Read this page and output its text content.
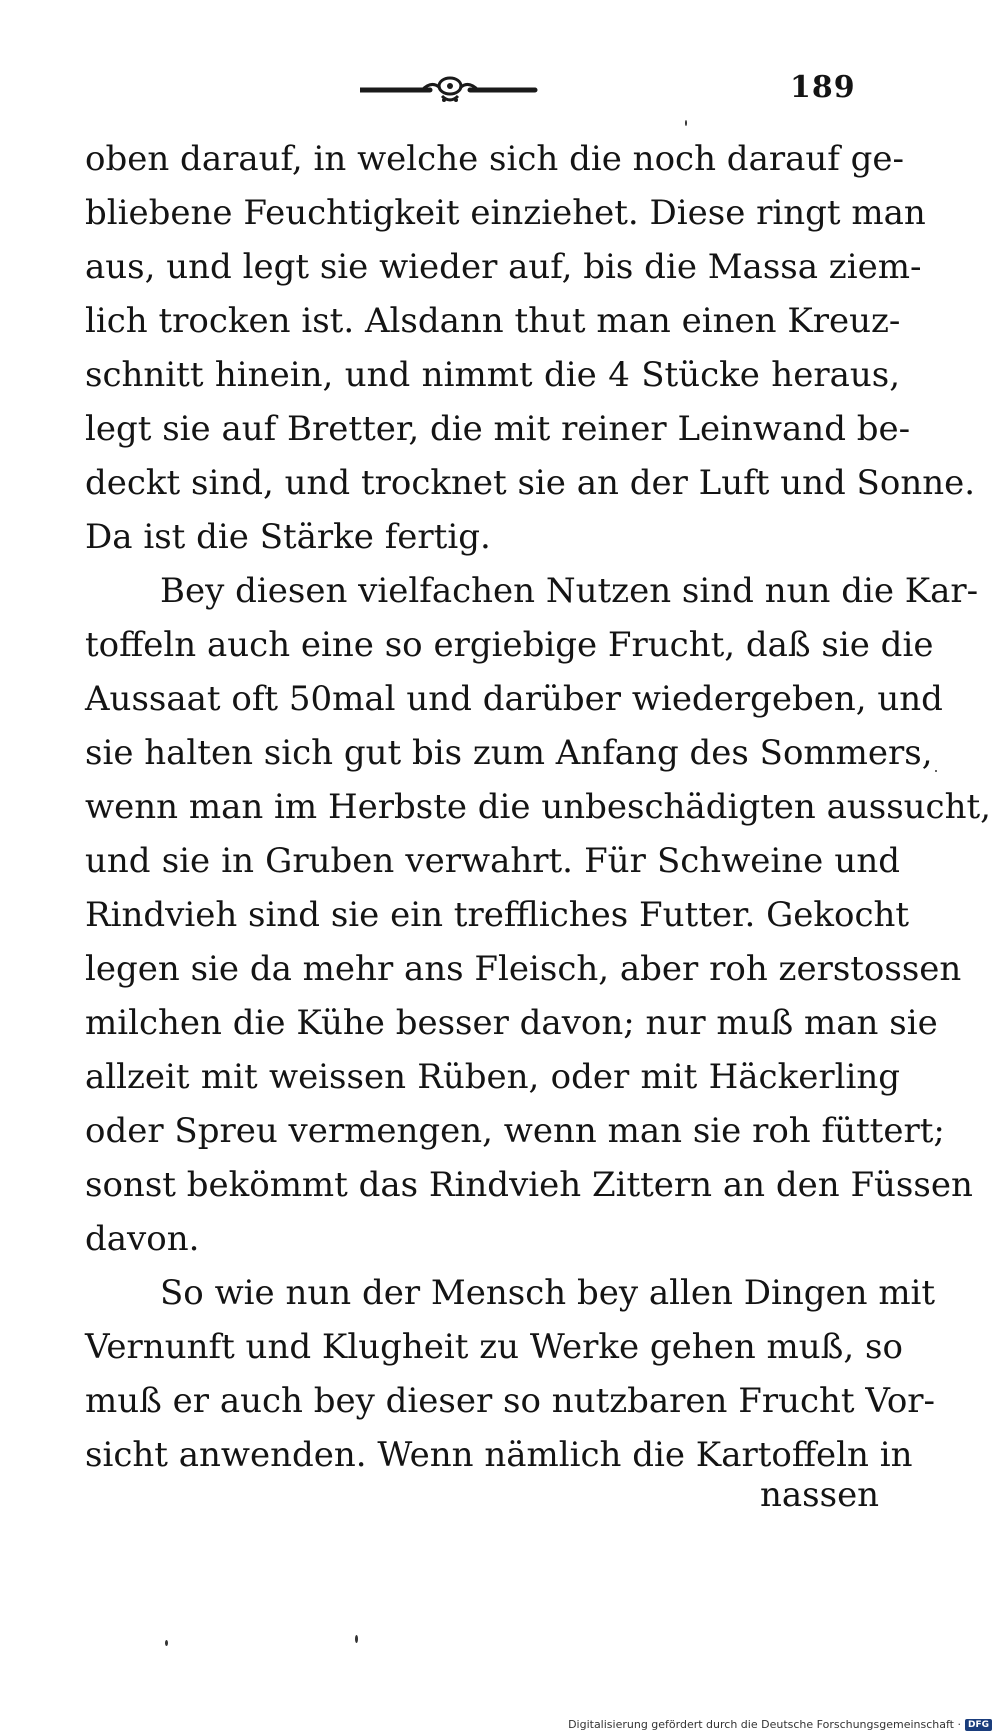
189
oben darauf, in welche sich die noch darauf ge-
bliebene Feuchtigkeit einziehet. Diese ringt man
aus, und legt sie wieder auf, bis die Massa ziem-
lich trocken ist. Alsdann thut man einen Kreuz-
schnitt hinein, und nimmt die 4 Stücke heraus,
legt sie auf Bretter, die mit reiner Leinwand be-
deckt sind, und trocknet sie an der Luft und Sonne.
Da ist die Stärke fertig.
Bey diesen vielfachen Nutzen sind nun die Kar-
toffeln auch eine so ergiebige Frucht, daß sie die
Aussaat oft 50mal und darüber wiedergeben, und
sie halten sich gut bis zum Anfang des Sommers,
wenn man im Herbste die unbeschädigten aussucht,
und sie in Gruben verwahrt. Für Schweine und
Rindvieh sind sie ein treffliches Futter. Gekocht
legen sie da mehr ans Fleisch, aber roh zerstossen
milchen die Kühe besser davon; nur muß man sie
allzeit mit weissen Rüben, oder mit Häckerling
oder Spreu vermengen, wenn man sie roh füttert;
sonst bekömmt das Rindvieh Zittern an den Füssen
davon.
So wie nun der Mensch bey allen Dingen mit
Vernunft und Klugheit zu Werke gehen muß, so
muß er auch bey dieser so nutzbaren Frucht Vor-
sicht anwenden. Wenn nämlich die Kartoffeln in
nassen
Digitalisierung gefördert durch die Deutsche Forschungsgemeinschaft · DFG
